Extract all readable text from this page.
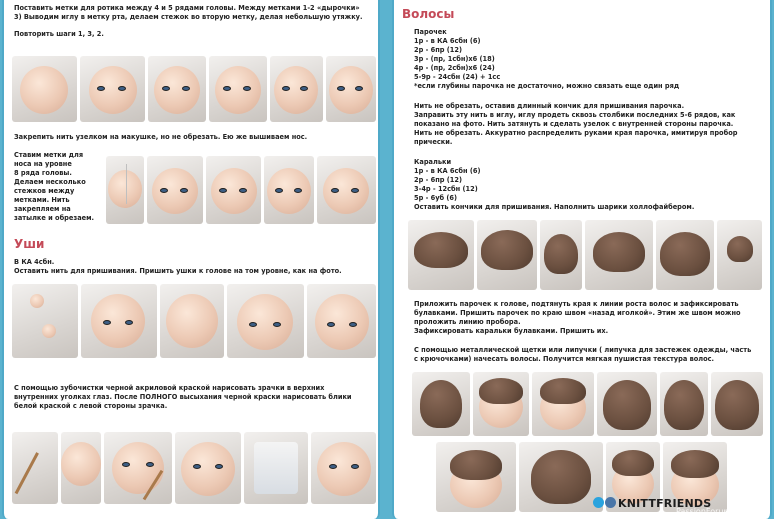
Поставить метки для ротика между 4 и 5 рядами головы. Между метками 1-2 «дырочки»
3) Выводим иглу в метку рта, делаем стежок во вторую метку, делая небольшую утяжку.
Повторить шаги 1, 3, 2.
Закрепить нить узелком на макушке, но не обрезать. Ею же вышиваем нос.
Ставим метки для
носа на уровне
8 ряда головы.
Делаем несколько
стежков между
метками. Нить
закрепляем на
затылке и обрезаем.
Уши
В КА 4сбн.
Оставить нить для пришивания. Пришить ушки к голове на том уровне, как на фото.
С помощью зубочистки черной акриловой краской нарисовать зрачки в верхних
внутренних уголках глаз. После ПОЛНОГО высыхания черной краски нарисовать блики
белой краской с левой стороны зрачка.
Волосы
Парочек
1р - в КА 6сбн (6)
2р - 6пр (12)
3р - (пр, 1сбн)х6 (18)
4р - (пр, 2сбн)х6 (24)
5-9р - 24сбн (24) + 1сс
*если глубины парочка не достаточно, можно связать еще один ряд
Нить не обрезать, оставив длинный кончик для пришивания парочка.
Заправить эту нить в иглу, иглу продеть сквозь столбики последних 5-6 рядов, как
показано на фото. Нить затянуть и сделать узелок с внутренней стороны парочка.
Нить не обрезать. Аккуратно распределить руками края парочка, имитируя пробор
прически.
Каральки
1р - в КА 6сбн (6)
2р - 6пр (12)
3-4р - 12сбн (12)
5р - 6уб (6)
Оставить кончики для пришивания. Наполнить шарики холлофайбером.
Приложить парочек к голове, подтянуть края к линии роста волос и зафиксировать
булавками. Пришить парочек по краю швом «назад иголкой». Этим же швом можно
проложить линию пробора.
Зафиксировать каральки булавками. Пришить их.
С помощью металлической щетки или липучки ( липучка для застежек одежды, часть
с крючочками) начесать волосы. Получится мягкая пушистая текстура волос.
KNITTFRIENDS
PassionForum.ru
